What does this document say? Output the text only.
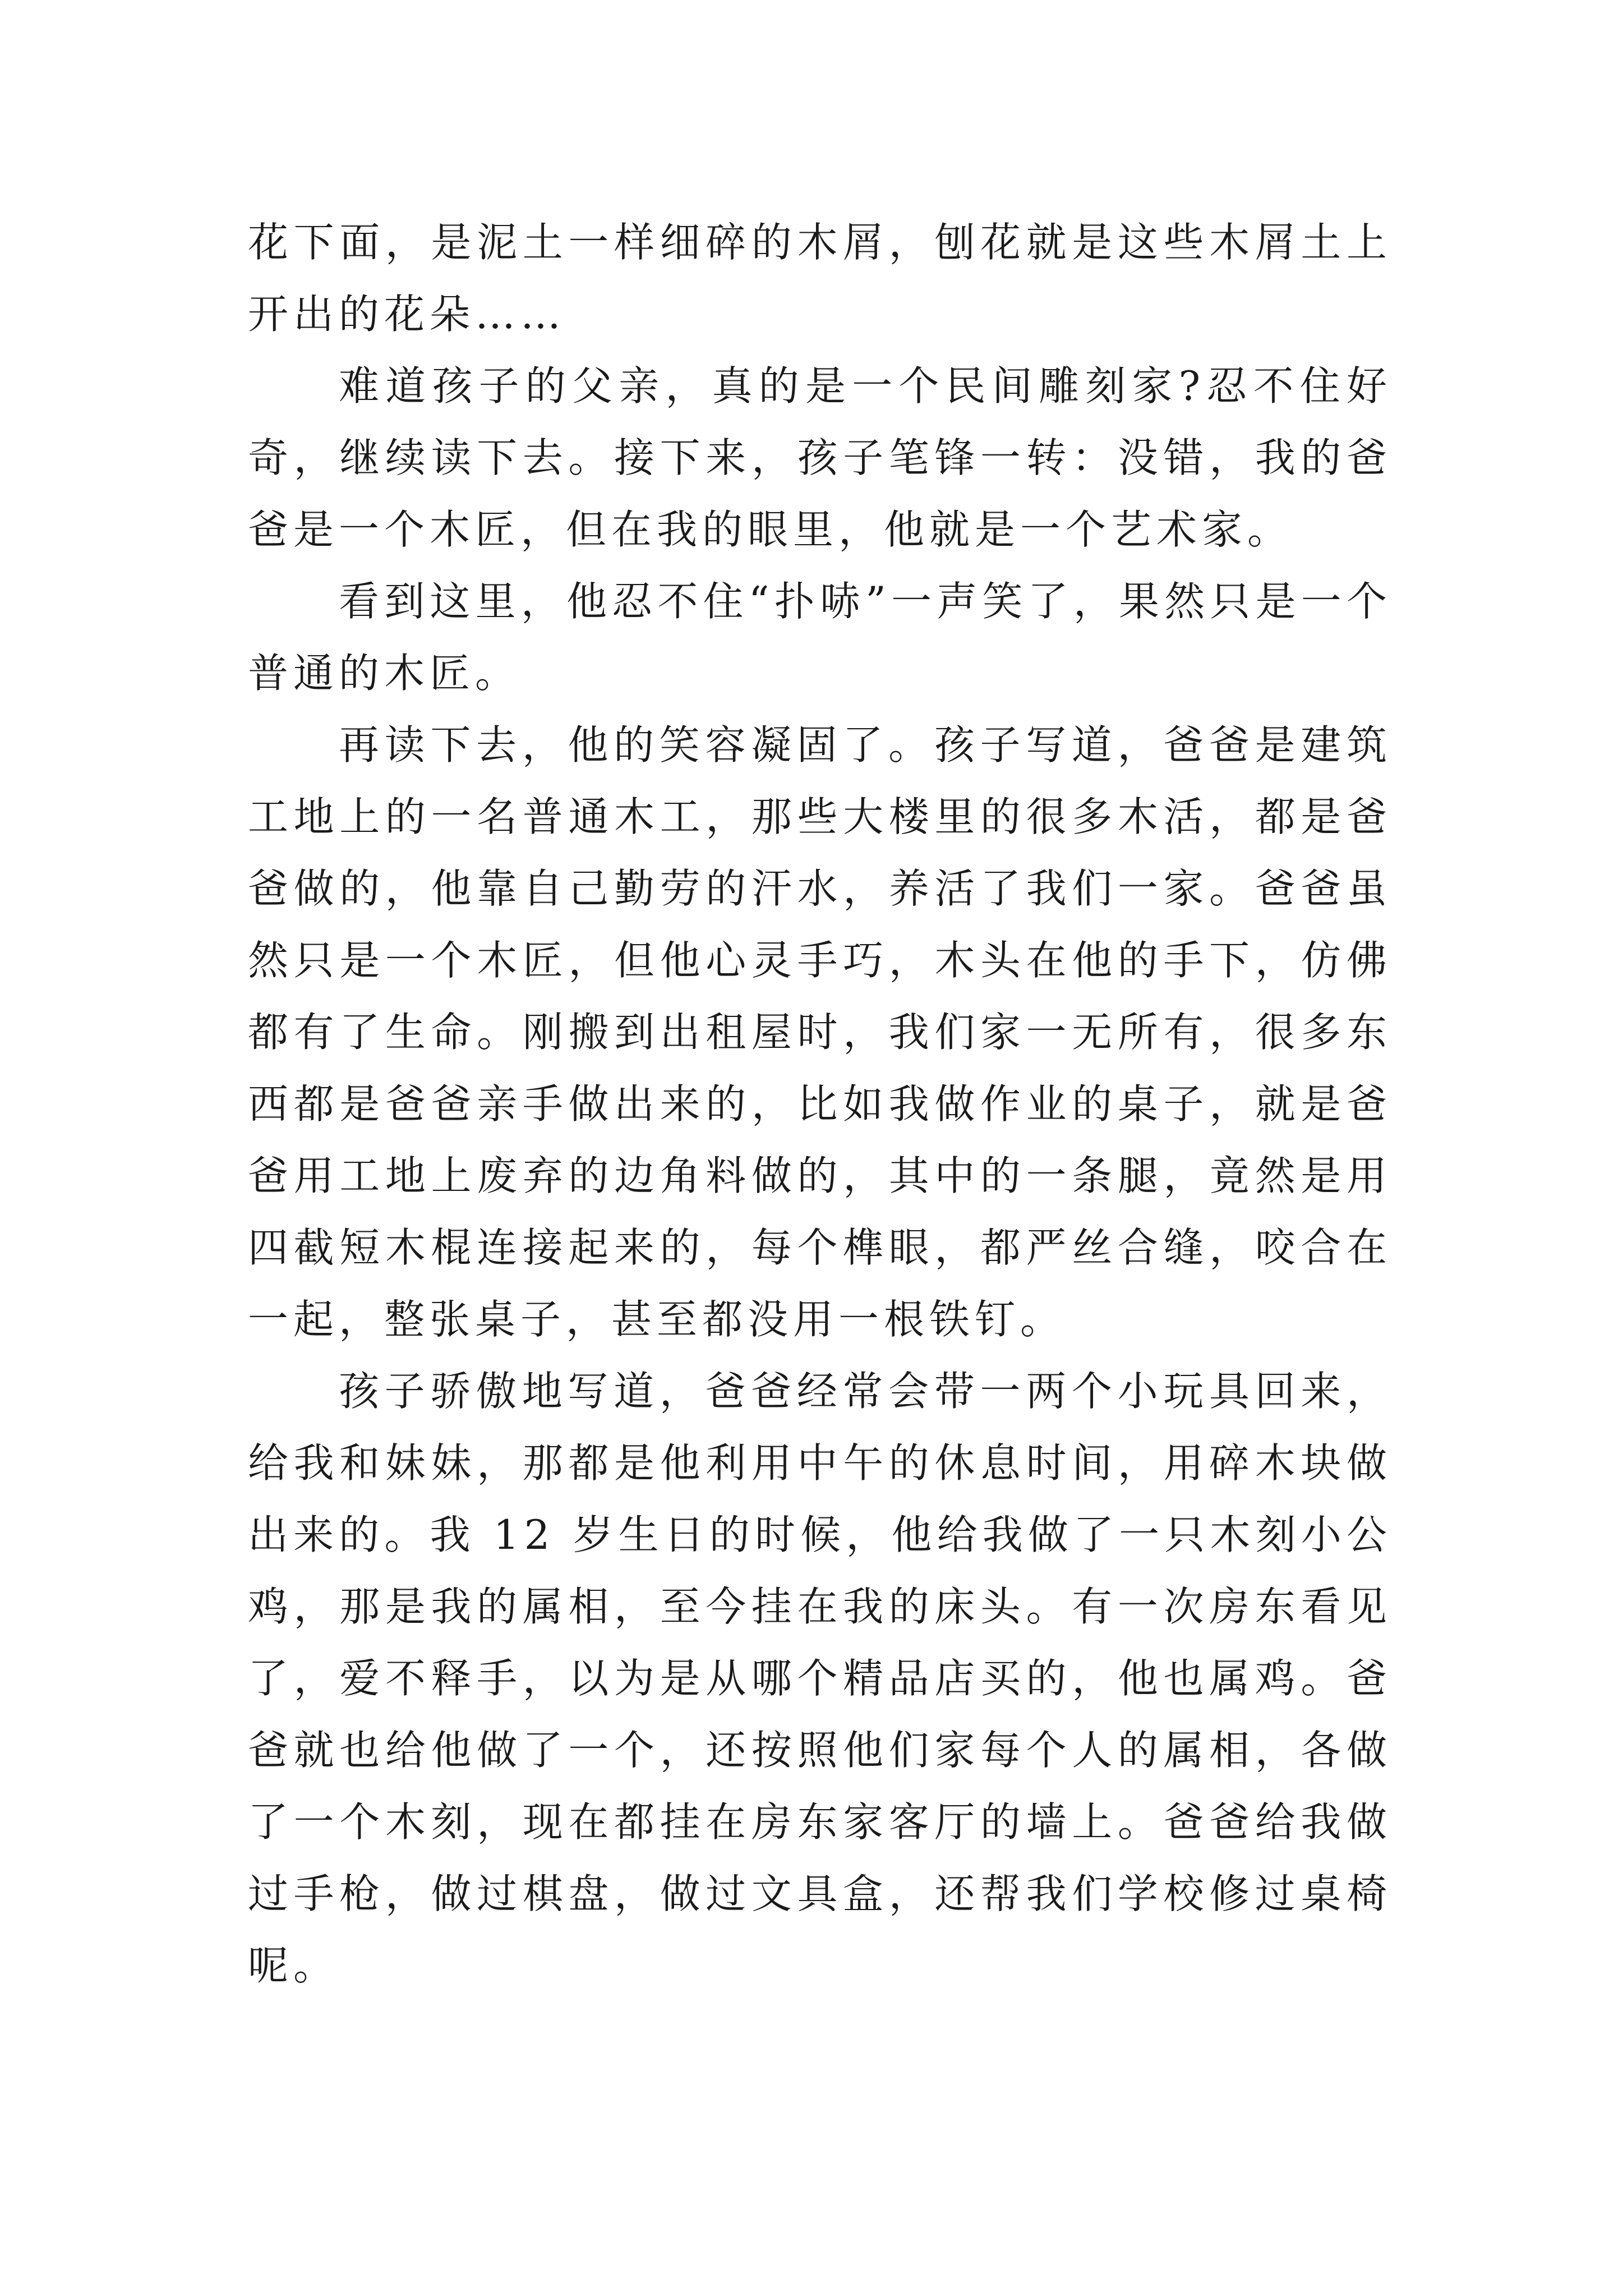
花下面，是泥土一样细碎的木屑，刨花就是这些木屑土上开出的花朵……

难道孩子的父亲，真的是一个民间雕刻家?忍不住好奇，继续读下去。接下来，孩子笔锋一转：没错，我的爸爸是一个木匠，但在我的眼里，他就是一个艺术家。

看到这里，他忍不住“扑哧”一声笑了，果然只是一个普通的木匠。

再读下去，他的笑容凝固了。孩子写道，爸爸是建筑工地上的一名普通木工，那些大楼里的很多木活，都是爸爸做的，他靠自己勤劳的汗水，养活了我们一家。爸爸虽然只是一个木匠，但他心灵手巧，木头在他的手下，仿佛都有了生命。刚搬到出租屋时，我们家一无所有，很多东西都是爸爸亲手做出来的，比如我做作业的桌子，就是爸爸用工地上废弃的边角料做的，其中的一条腿，竟然是用四截短木棍连接起来的，每个榫眼，都严丝合缝，咬合在一起，整张桌子，甚至都没用一根铁钉。

孩子骄傲地写道，爸爸经常会带一两个小玩具回来，给我和妹妹，那都是他利用中午的休息时间，用碎木块做出来的。我 12 岁生日的时候，他给我做了一只木刻小公鸡，那是我的属相，至今挂在我的床头。有一次房东看见了，爱不释手，以为是从哪个精品店买的，他也属鸡。爸爸就也给他做了一个，还按照他们家每个人的属相，各做了一个木刻，现在都挂在房东家客厅的墙上。爸爸给我做过手枪，做过棋盘，做过文具盒，还帮我们学校修过桌椅呢。
